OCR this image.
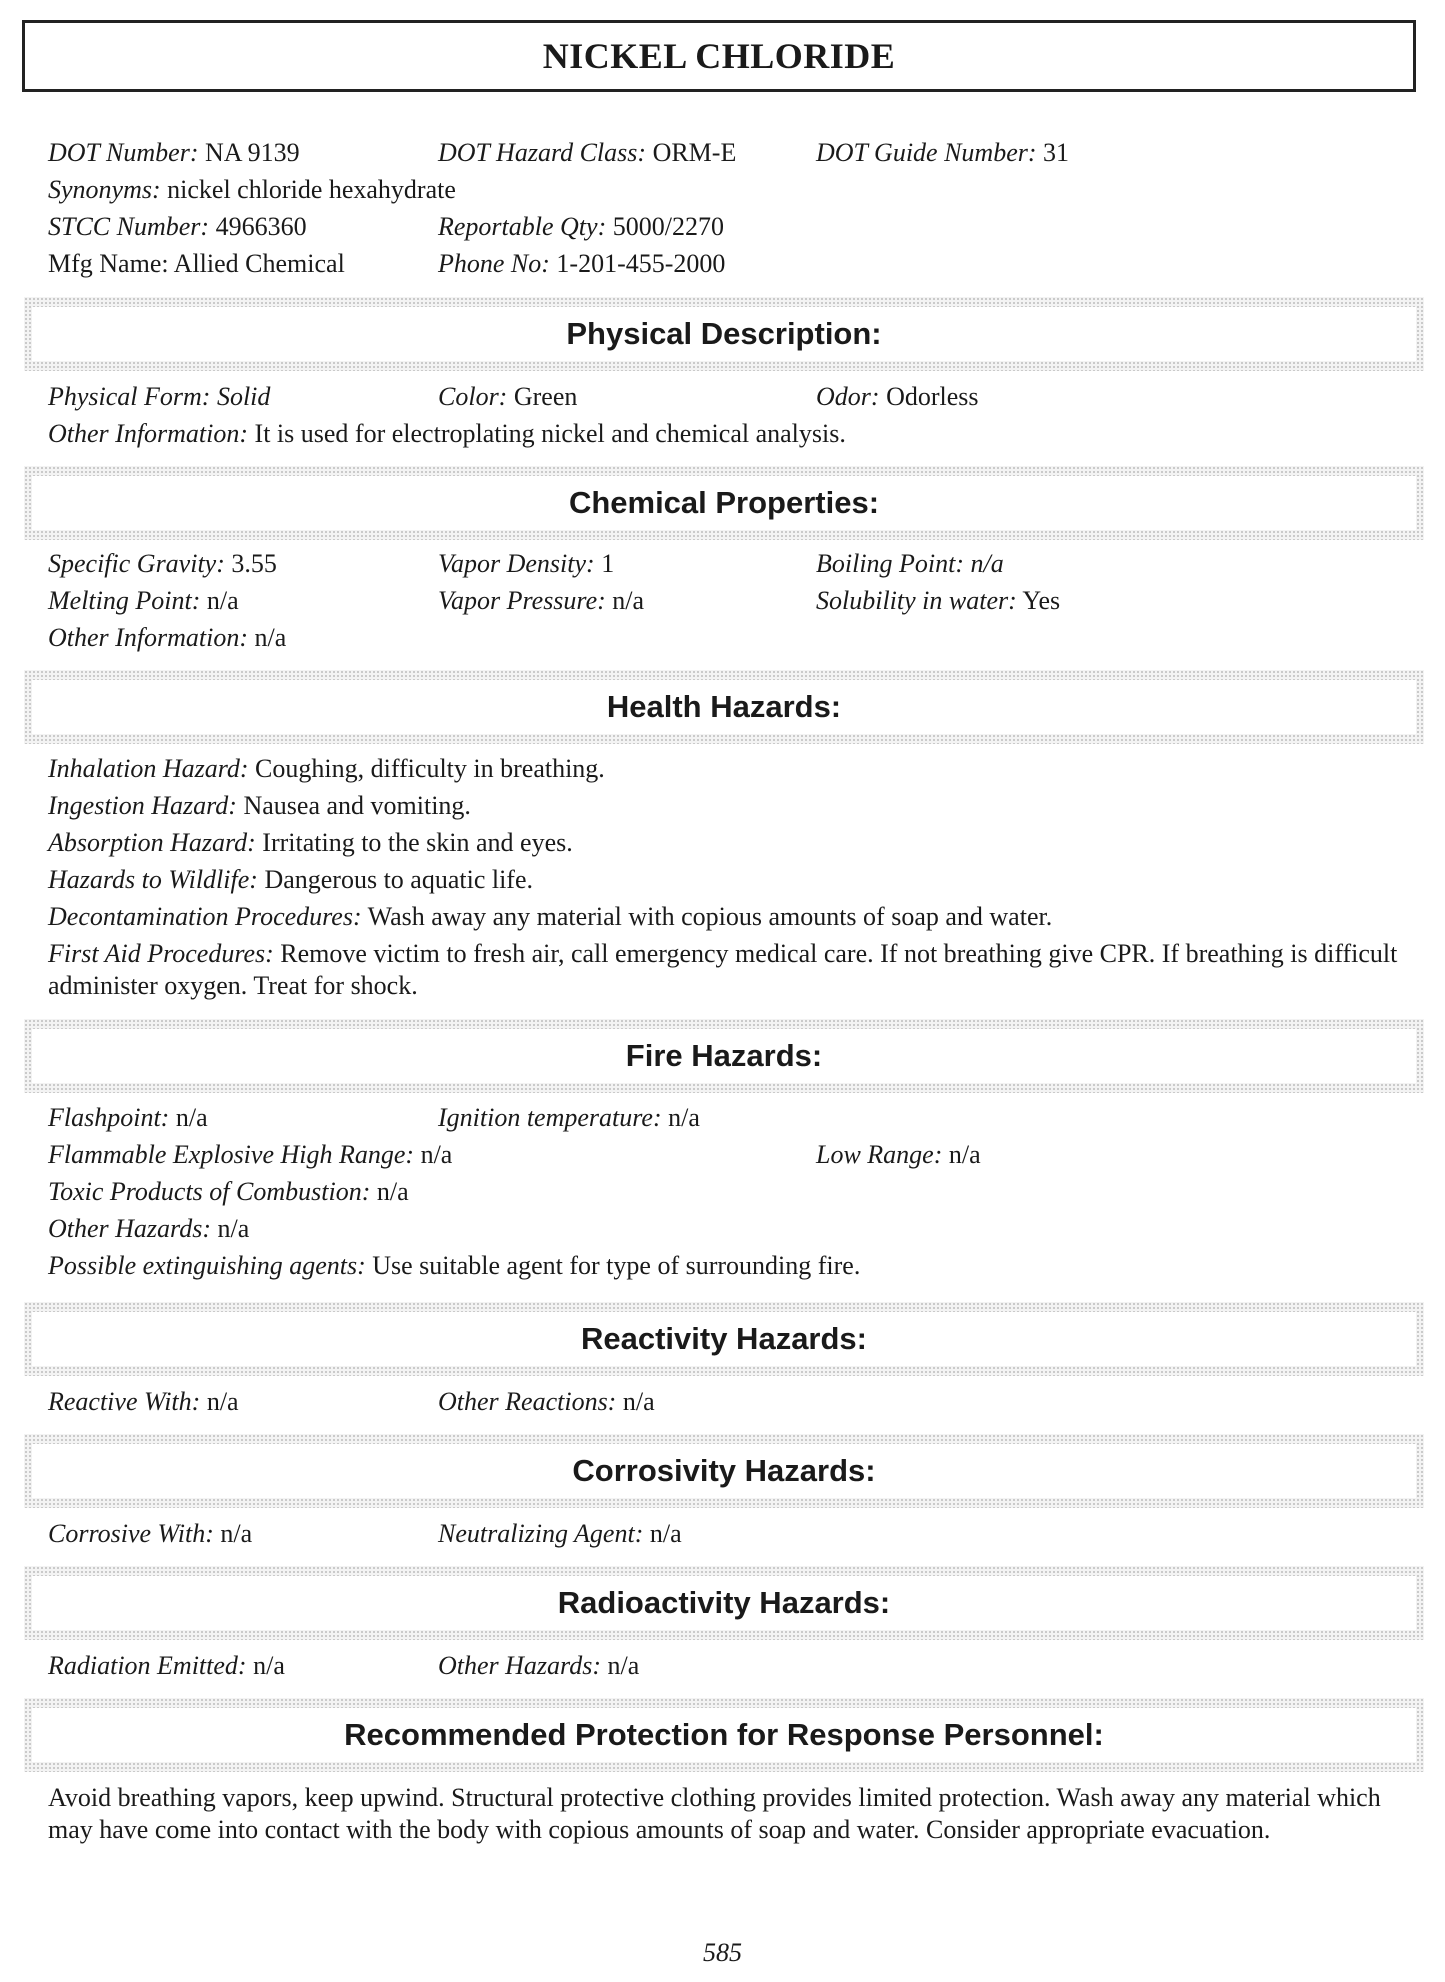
NICKEL CHLORIDE
DOT Number: NA 9139	DOT Hazard Class: ORM-E	DOT Guide Number: 31
Synonyms: nickel chloride hexahydrate
STCC Number: 4966360	Reportable Qty: 5000/2270
Mfg Name: Allied Chemical	Phone No: 1-201-455-2000
Physical Description:
Physical Form: Solid	Color: Green	Odor: Odorless
Other Information: It is used for electroplating nickel and chemical analysis.
Chemical Properties:
Specific Gravity: 3.55	Vapor Density: 1	Boiling Point: n/a
Melting Point: n/a	Vapor Pressure: n/a	Solubility in water: Yes
Other Information: n/a
Health Hazards:
Inhalation Hazard: Coughing, difficulty in breathing.
Ingestion Hazard: Nausea and vomiting.
Absorption Hazard: Irritating to the skin and eyes.
Hazards to Wildlife: Dangerous to aquatic life.
Decontamination Procedures: Wash away any material with copious amounts of soap and water.
First Aid Procedures: Remove victim to fresh air, call emergency medical care. If not breathing give CPR. If breathing is difficult administer oxygen. Treat for shock.
Fire Hazards:
Flashpoint: n/a	Ignition temperature: n/a
Flammable Explosive High Range: n/a	Low Range: n/a
Toxic Products of Combustion: n/a
Other Hazards: n/a
Possible extinguishing agents: Use suitable agent for type of surrounding fire.
Reactivity Hazards:
Reactive With: n/a	Other Reactions: n/a
Corrosivity Hazards:
Corrosive With: n/a	Neutralizing Agent: n/a
Radioactivity Hazards:
Radiation Emitted: n/a	Other Hazards: n/a
Recommended Protection for Response Personnel:
Avoid breathing vapors, keep upwind. Structural protective clothing provides limited protection. Wash away any material which may have come into contact with the body with copious amounts of soap and water. Consider appropriate evacuation.
585
